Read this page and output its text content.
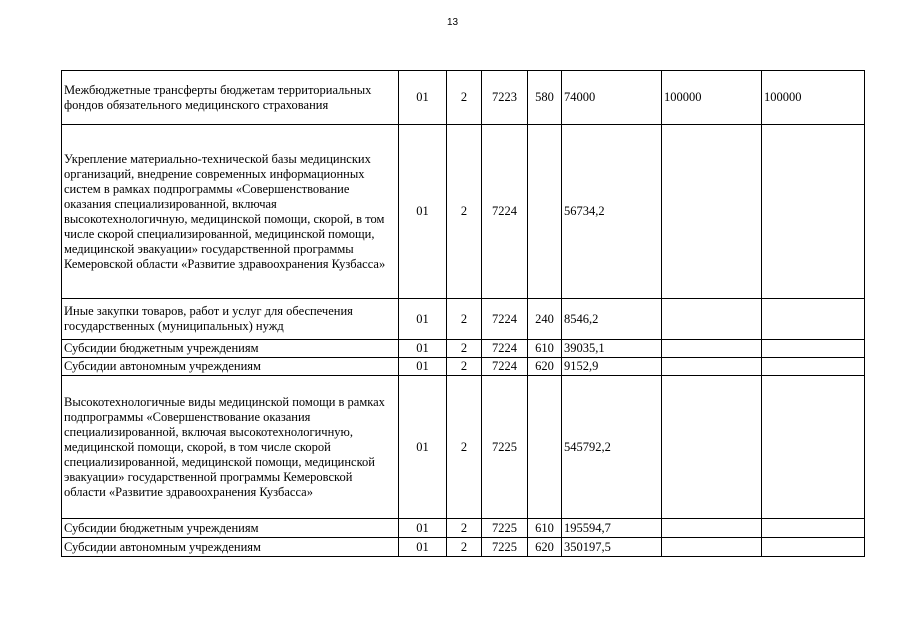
13
Межбюджетные трансферты бюджетам территориальных фондов обязательного медицинского страхования	01	2	7223	580	74000	100000	100000
Укрепление материально-технической базы медицинских организаций, внедрение современных информационных систем в рамках подпрограммы «Совершенствование оказания специализированной, включая высокотехнологичную, медицинской помощи, скорой, в том числе скорой специализированной, медицинской помощи, медицинской эвакуации» государственной программы Кемеровской области «Развитие здравоохранения Кузбасса»	01	2	7224		56734,2		
Иные закупки товаров, работ и услуг для обеспечения государственных (муниципальных) нужд	01	2	7224	240	8546,2		
Субсидии бюджетным учреждениям	01	2	7224	610	39035,1		
Субсидии автономным учреждениям	01	2	7224	620	9152,9		
Высокотехнологичные виды медицинской помощи в рамках подпрограммы «Совершенствование оказания специализированной, включая высокотехнологичную, медицинской помощи, скорой, в том числе скорой специализированной, медицинской помощи, медицинской эвакуации» государственной программы Кемеровской области «Развитие здравоохранения Кузбасса»	01	2	7225		545792,2		
Субсидии бюджетным учреждениям	01	2	7225	610	195594,7		
Субсидии автономным учреждениям	01	2	7225	620	350197,5		
